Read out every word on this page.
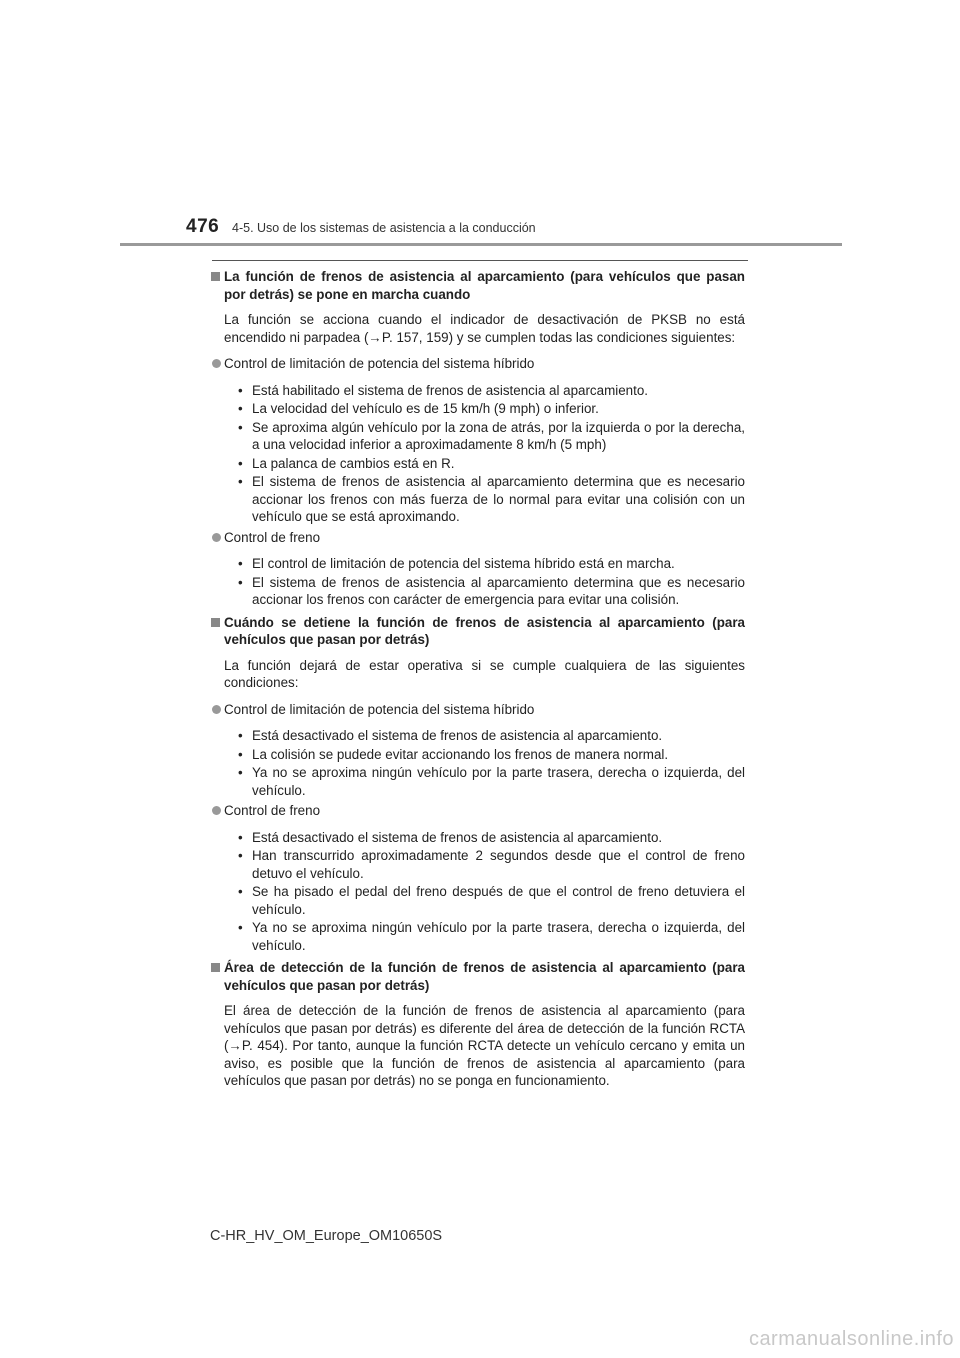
476 4-5. Uso de los sistemas de asistencia a la conducción
La función de frenos de asistencia al aparcamiento (para vehículos que pasan por detrás) se pone en marcha cuando
La función se acciona cuando el indicador de desactivación de PKSB no está encendido ni parpadea (→P. 157, 159) y se cumplen todas las condiciones siguientes:
Control de limitación de potencia del sistema híbrido
• Está habilitado el sistema de frenos de asistencia al aparcamiento.
• La velocidad del vehículo es de 15 km/h (9 mph) o inferior.
• Se aproxima algún vehículo por la zona de atrás, por la izquierda o por la derecha, a una velocidad inferior a aproximadamente 8 km/h (5 mph)
• La palanca de cambios está en R.
• El sistema de frenos de asistencia al aparcamiento determina que es necesario accionar los frenos con más fuerza de lo normal para evitar una colisión con un vehículo que se está aproximando.
Control de freno
• El control de limitación de potencia del sistema híbrido está en marcha.
• El sistema de frenos de asistencia al aparcamiento determina que es necesario accionar los frenos con carácter de emergencia para evitar una colisión.
Cuándo se detiene la función de frenos de asistencia al aparcamiento (para vehículos que pasan por detrás)
La función dejará de estar operativa si se cumple cualquiera de las siguientes condiciones:
Control de limitación de potencia del sistema híbrido
• Está desactivado el sistema de frenos de asistencia al aparcamiento.
• La colisión se pudede evitar accionando los frenos de manera normal.
• Ya no se aproxima ningún vehículo por la parte trasera, derecha o izquierda, del vehículo.
Control de freno
• Está desactivado el sistema de frenos de asistencia al aparcamiento.
• Han transcurrido aproximadamente 2 segundos desde que el control de freno detuvo el vehículo.
• Se ha pisado el pedal del freno después de que el control de freno detuviera el vehículo.
• Ya no se aproxima ningún vehículo por la parte trasera, derecha o izquierda, del vehículo.
Área de detección de la función de frenos de asistencia al aparcamiento (para vehículos que pasan por detrás)
El área de detección de la función de frenos de asistencia al aparcamiento (para vehículos que pasan por detrás) es diferente del área de detección de la función RCTA (→P. 454). Por tanto, aunque la función RCTA detecte un vehículo cercano y emita un aviso, es posible que la función de frenos de asistencia al aparcamiento (para vehículos que pasan por detrás) no se ponga en funcionamiento.
C-HR_HV_OM_Europe_OM10650S
carmanualsonline.info
